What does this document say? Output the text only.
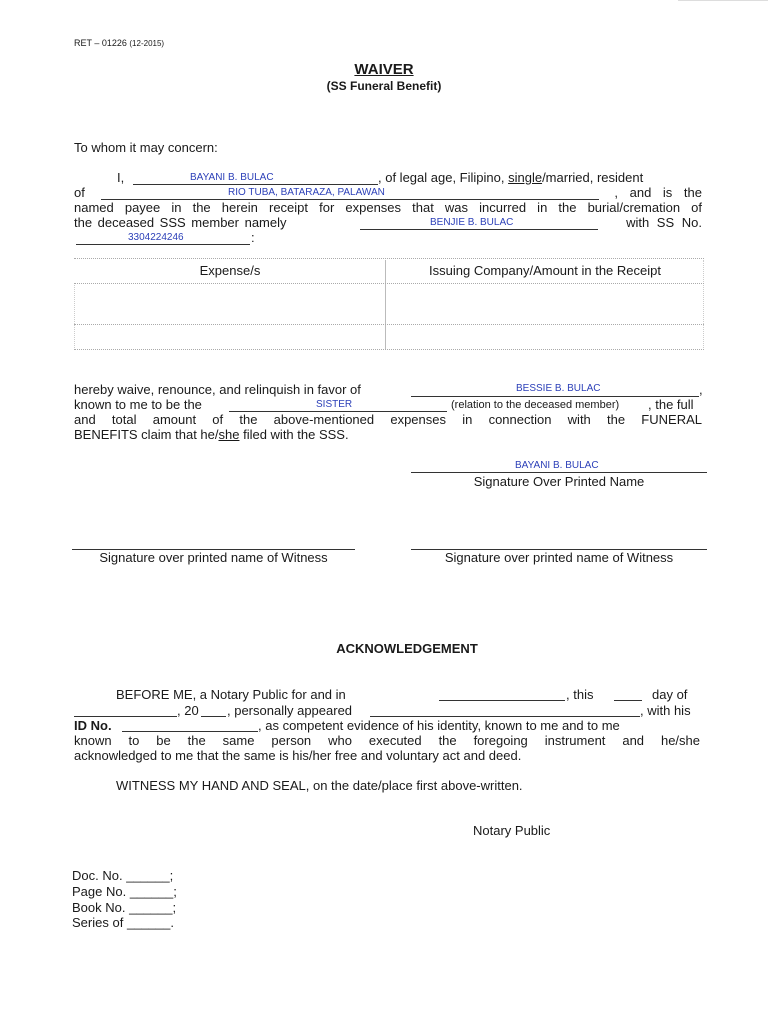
RET – 01226 (12-2015)
WAIVER
(SS Funeral Benefit)
To whom it may concern:
I,	BAYANI B. BULAC	, of legal age, Filipino, single/married, resident
of	RIO TUBA, BATARAZA, PALAWAN	, and is the
named payee in the herein receipt for expenses that was incurred in the burial/cremation of
the deceased SSS member namely	BENJIE B. BULAC	with SS No.
3304224246	:
Expense/s	Issuing Company/Amount in the Receipt
hereby waive, renounce, and relinquish in favor of	BESSIE B. BULAC	,
known to me to be the	SISTER	(relation to the deceased member) , the full
and total amount of the above-mentioned expenses in connection with the FUNERAL
BENEFITS claim that he/she filed with the SSS.
BAYANI B. BULAC
Signature Over Printed Name
Signature over printed name of Witness	Signature over printed name of Witness
ACKNOWLEDGEMENT
BEFORE ME, a Notary Public for and in	, this	day of
, 20 , personally appeared	, with his
ID No.	, as competent evidence of his identity, known to me and to me
known to be the same person who executed the foregoing instrument and he/she
acknowledged to me that the same is his/her free and voluntary act and deed.
WITNESS MY HAND AND SEAL, on the date/place first above-written.
Notary Public
Doc. No. ______;
Page No. ______;
Book No. ______;
Series of ______.
